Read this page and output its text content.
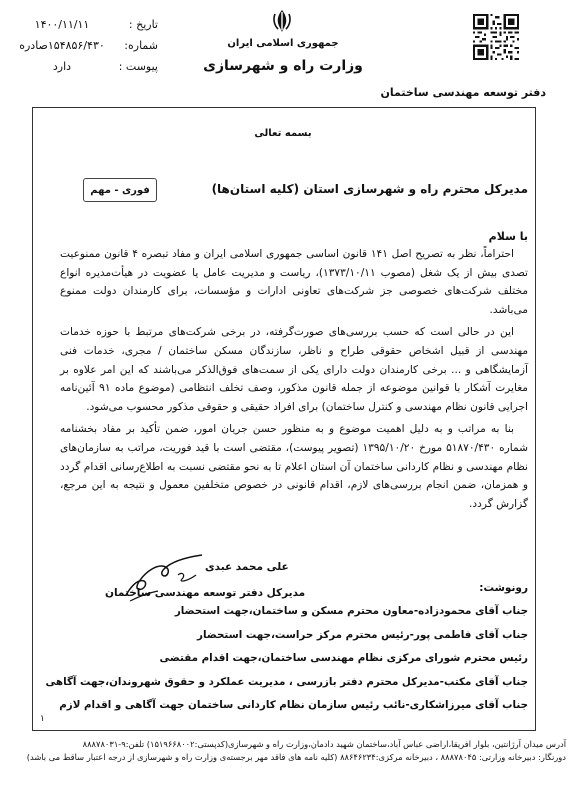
تاریخ :
۱۴۰۰/۱۱/۱۱
شماره:
۱۵۴۸۵۶/۴۳۰صادره
پیوست :
دارد
جمهوری اسلامی ایران
وزارت راه و شهرسازی
دفتر توسعه مهندسی ساختمان
بسمه تعالی
فوری - مهم	مدیرکل محترم راه و شهرسازی استان (کلیه استان‌ها)
با سلام

احتراماً، نظر به تصریح اصل ۱۴۱ قانون اساسی جمهوری اسلامی ایران و مفاد تبصره ۴ قانون ممنوعیت تصدی بیش از یک شغل (مصوب ۱۳۷۳/۱۰/۱۱)، ریاست و مدیریت عامل یا عضویت در هیأت‌مدیره انواع مختلف شرکت‌های خصوصی جز شرکت‌های تعاونی ادارات و مؤسسات، برای کارمندان دولت ممنوع می‌باشد.

این در حالی است که حسب بررسی‌های صورت‌گرفته، در برخی شرکت‌های مرتبط با حوزه خدمات مهندسی از قبیل اشخاص حقوقی طراح و ناظر، سازندگان مسکن ساختمان / مجری، خدمات فنی آزمایشگاهی و ... برخی کارمندان دولت دارای یکی از سمت‌های فوق‌الذکر می‌باشند که این امر علاوه بر مغایرت آشکار با قوانین موضوعه از جمله قانون مذکور، وصف تخلف انتظامی (موضوع ماده ۹۱ آئین‌نامه اجرایی قانون نظام مهندسی و کنترل ساختمان) برای افراد حقیقی و حقوقی مذکور محسوب می‌شود.

بنا به مراتب و به دلیل اهمیت موضوع و به منظور حسن جریان امور، ضمن تأکید بر مفاد بخشنامه شماره ۵۱۸۷۰/۴۳۰ مورخ ۱۳۹۵/۱۰/۲۰ (تصویر پیوست)، مقتضی است با قید فوریت، مراتب به سازمان‌های نظام مهندسی و نظام کاردانی ساختمان آن استان اعلام تا به نحو مقتضی نسبت به اطلاع‌رسانی اقدام گردد و همزمان، ضمن انجام بررسی‌های لازم، اقدام قانونی در خصوص متخلفین معمول و نتیجه به این مرجع، گزارش گردد.

علی محمد عبدی
مدیرکل دفتر توسعه مهندسی ساختمان	رونوشت:
جناب آقای محمودزاده-معاون محترم مسکن و ساختمان،جهت استحضار
جناب آقای فاطمی پور-رئیس محترم مرکز حراست،جهت استحضار
رئیس محترم شورای مرکزی نظام مهندسی ساختمان،جهت اقدام مقتضی
جناب آقای مکتب-مدیرکل محترم دفتر بازرسی ، مدیریت عملکرد و حقوق شهروندان،جهت آگاهی
جناب آقای میرزاشکاری-نائب رئیس سازمان نظام کاردانی ساختمان جهت آگاهی و اقدام لازم
۱
آدرس میدان آرژانتین، بلوار افریقا،اراضی عباس آباد،ساختمان شهید دادمان،وزارت راه و شهرسازی(کدپستی:۱۵۱۹۶۶۸۰۰۲) تلفن:۹-۸۸۸۷۸۰۳۱
دورنگار: دبیرخانه وزارتی: ۸۸۸۷۸۰۴۵ ، دبیرخانه مرکزی:۸۸۶۴۶۲۳۴ (کلیه نامه های فاقد مهر برجسته‌ی وزارت راه و شهرسازی از درجه اعتبار ساقط می باشد)
